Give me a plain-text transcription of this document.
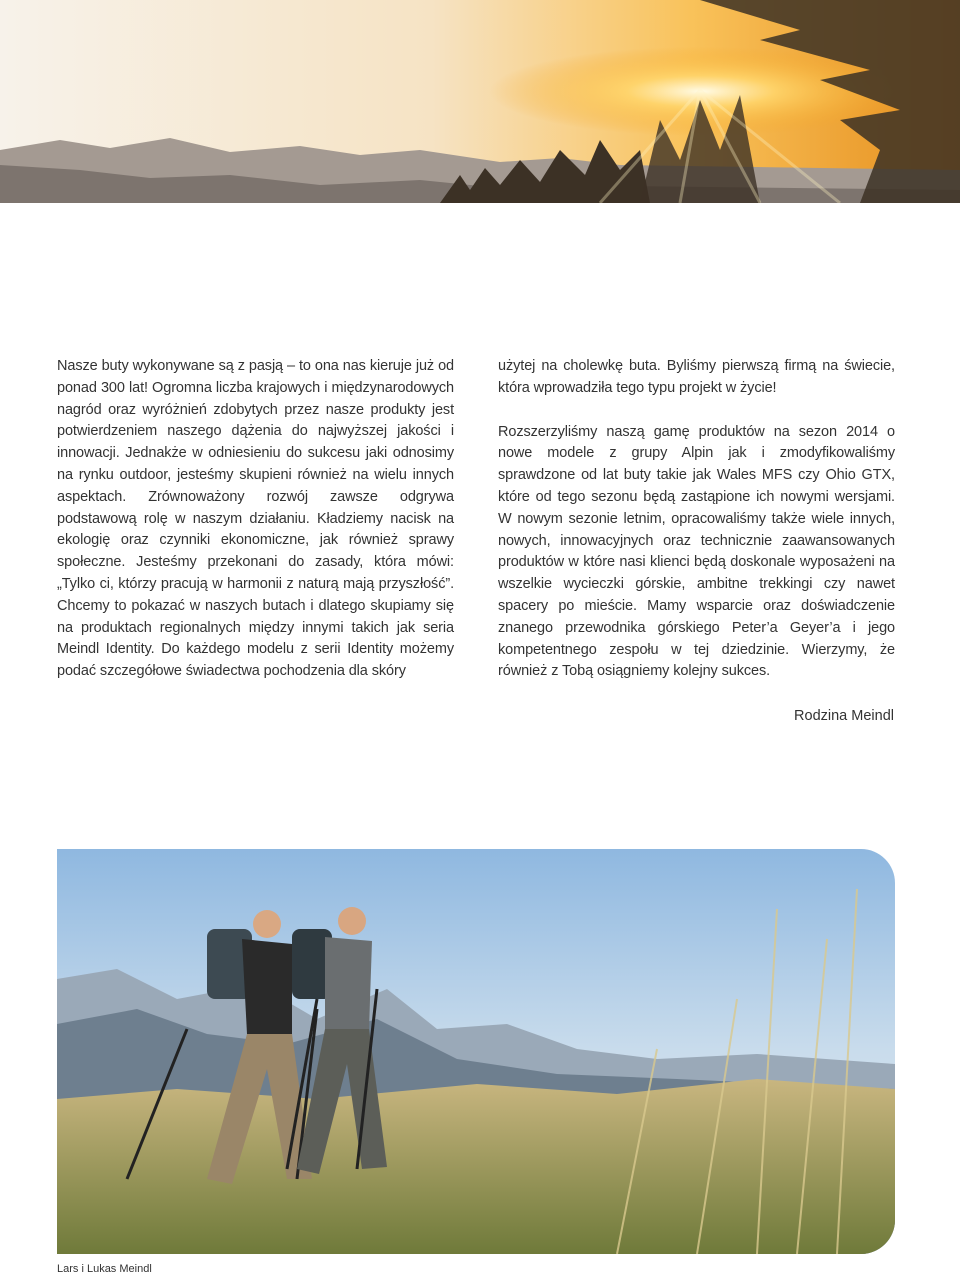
Nasze buty wykonywane są z pasją – to ona nas kieruje już od ponad 300 lat! Ogromna liczba krajowych i międzynarodowych nagród oraz wyróżnień zdobytych przez nasze produkty jest potwierdzeniem naszego dążenia do najwyższej jakości i innowacji. Jednakże w odniesieniu do sukcesu jaki odnosimy na rynku outdoor, jesteśmy skupieni również na wielu innych aspektach. Zrównoważony rozwój zawsze odgrywa podstawową rolę w naszym działaniu. Kładziemy nacisk na ekologię oraz czynniki ekonomiczne, jak również sprawy społeczne. Jesteśmy przekonani do zasady, która mówi: „Tylko ci, którzy pracują w harmonii z naturą mają przyszłość”. Chcemy to pokazać w naszych butach i dlatego skupiamy się na produktach regionalnych między innymi takich jak seria Meindl Identity. Do każdego modelu z serii Identity możemy podać szczegółowe świadectwa pochodzenia dla skóry

użytej na cholewkę buta. Byliśmy pierwszą firmą na świecie, która wprowadziła tego typu projekt w życie!

Rozszerzyliśmy naszą gamę produktów na sezon 2014 o nowe modele z grupy Alpin jak i zmodyfikowaliśmy sprawdzone od lat buty takie jak Wales MFS czy Ohio GTX, które od tego sezonu będą zastąpione ich nowymi wersjami. W nowym sezonie letnim, opracowaliśmy także wiele innych, nowych, innowacyjnych oraz technicznie zaawansowanych produktów w które nasi klienci będą doskonale wyposażeni na wszelkie wycieczki górskie, ambitne trekkingi czy nawet spacery po mieście. Mamy wsparcie oraz doświadczenie znanego przewodnika górskiego Peter’a Geyer’a i jego kompetentnego zespołu w tej dziedzinie. Wierzymy, że również z Tobą osiągniemy kolejny sukces.

Rodzina Meindl
Lars i Lukas Meindl
